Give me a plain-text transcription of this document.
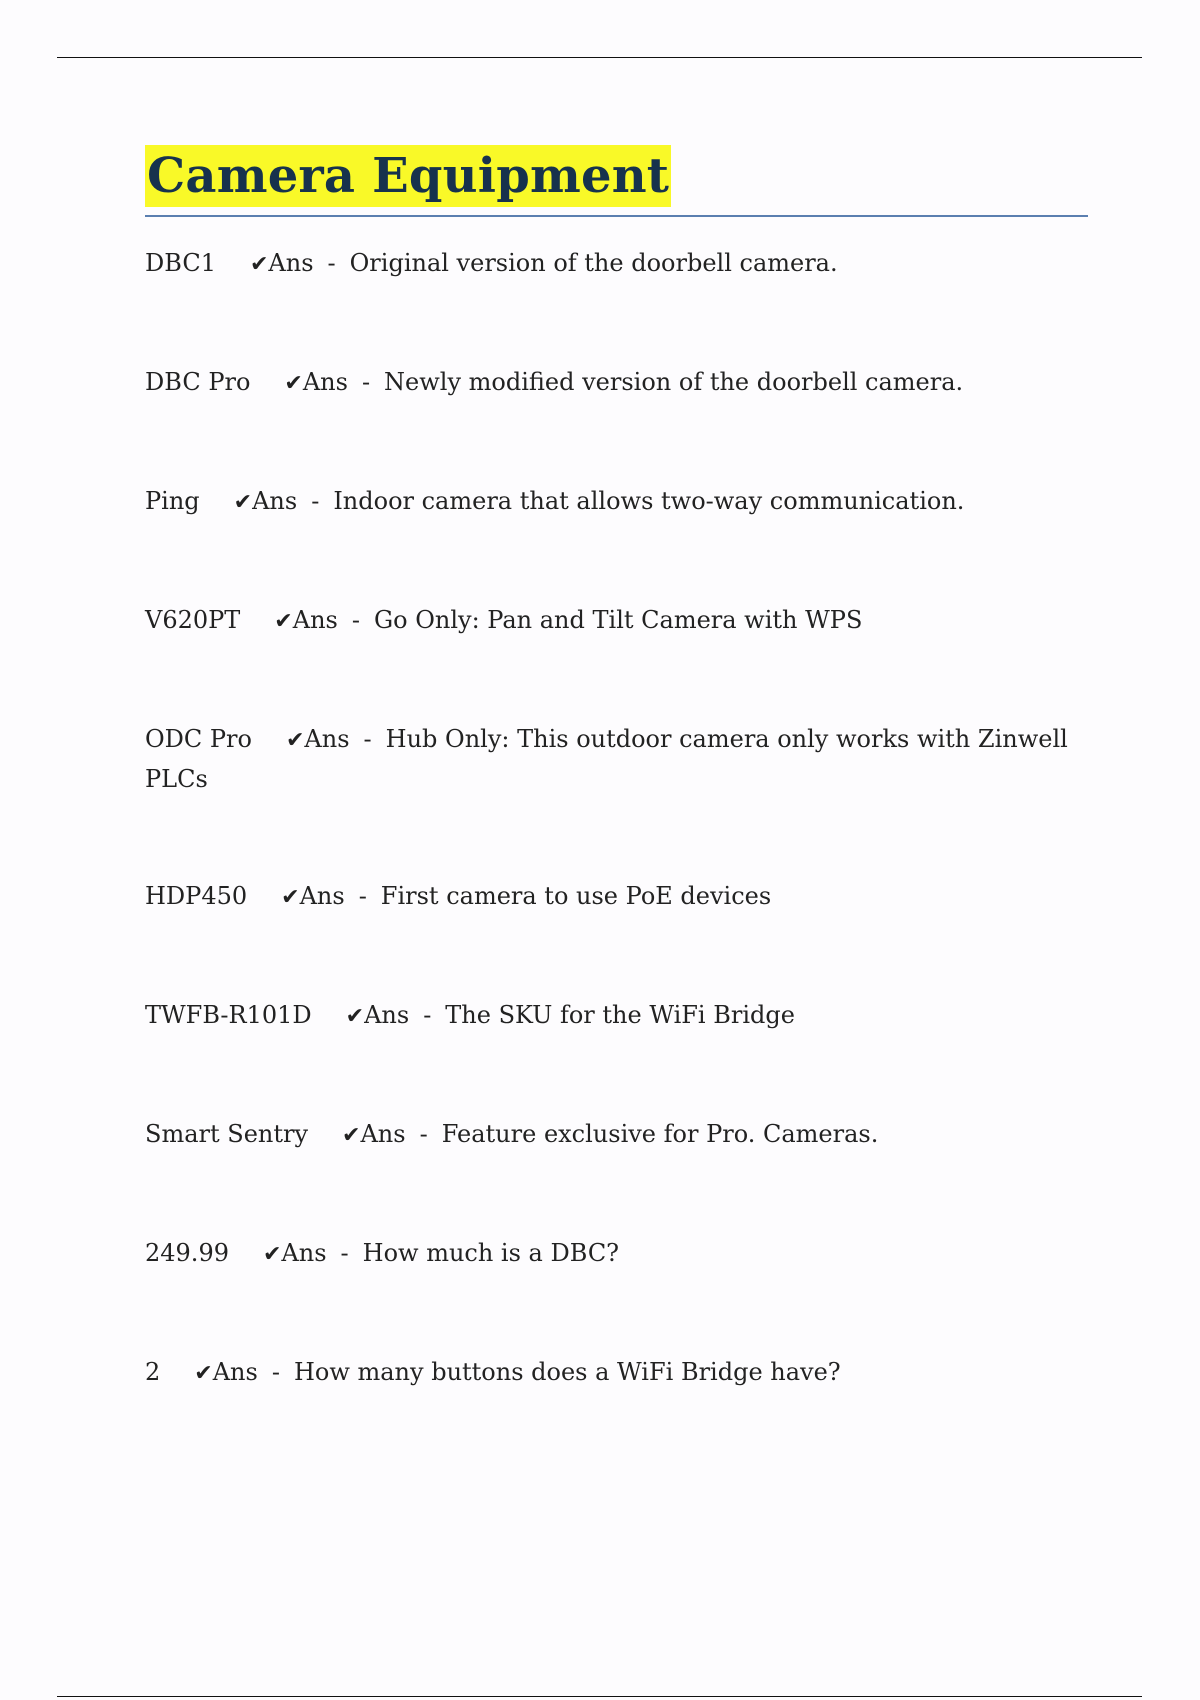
Camera Equipment
DBC1 ✔Ans - Original version of the doorbell camera.
DBC Pro ✔Ans - Newly modified version of the doorbell camera.
Ping ✔Ans - Indoor camera that allows two-way communication.
V620PT ✔Ans - Go Only: Pan and Tilt Camera with WPS
ODC Pro ✔Ans - Hub Only: This outdoor camera only works with Zinwell PLCs
HDP450 ✔Ans - First camera to use PoE devices
TWFB-R101D ✔Ans - The SKU for the WiFi Bridge
Smart Sentry ✔Ans - Feature exclusive for Pro. Cameras.
249.99 ✔Ans - How much is a DBC?
2 ✔Ans - How many buttons does a WiFi Bridge have?
